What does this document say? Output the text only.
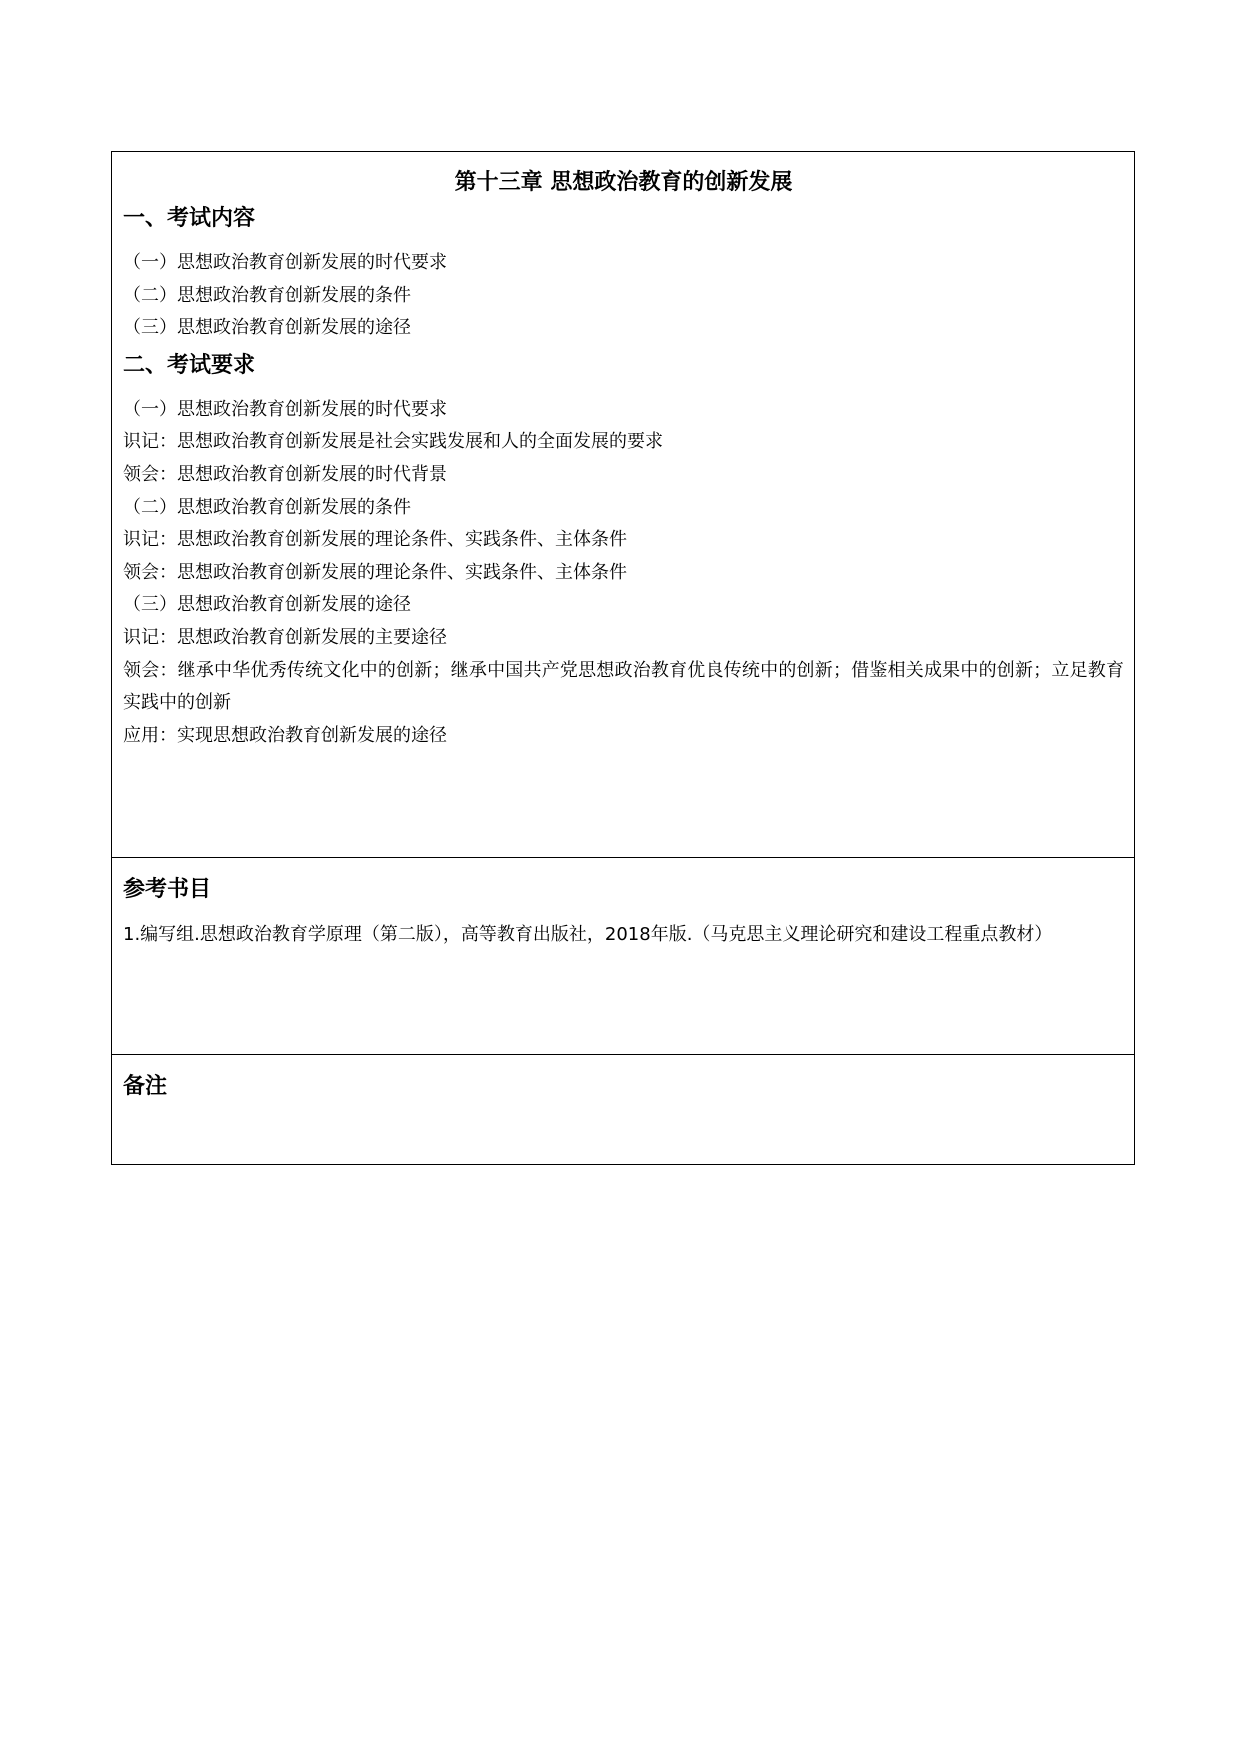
第十三章 思想政治教育的创新发展
一、考试内容
（一）思想政治教育创新发展的时代要求
（二）思想政治教育创新发展的条件
（三）思想政治教育创新发展的途径
二、考试要求
（一）思想政治教育创新发展的时代要求
识记：思想政治教育创新发展是社会实践发展和人的全面发展的要求
领会：思想政治教育创新发展的时代背景
（二）思想政治教育创新发展的条件
识记：思想政治教育创新发展的理论条件、实践条件、主体条件
领会：思想政治教育创新发展的理论条件、实践条件、主体条件
（三）思想政治教育创新发展的途径
识记：思想政治教育创新发展的主要途径
领会：继承中华优秀传统文化中的创新；继承中国共产党思想政治教育优良传统中的创新；借鉴相关成果中的创新；立足教育实践中的创新
应用：实现思想政治教育创新发展的途径
参考书目
1.编写组.思想政治教育学原理（第二版），高等教育出版社，2018年版.（马克思主义理论研究和建设工程重点教材）
备注
